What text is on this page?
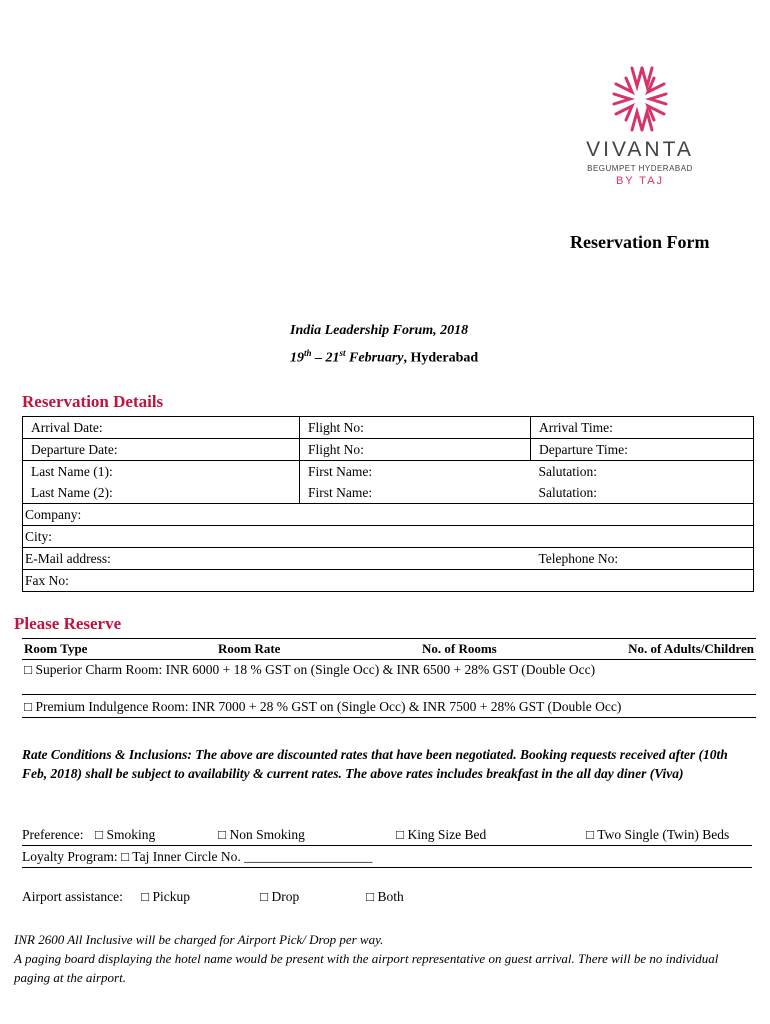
VIVANTA
BEGUMPET HYDERABAD
BY TAJ
Reservation Form
India Leadership Forum, 2018
19th – 21st February, Hyderabad
Reservation Details
Arrival Date:	Flight No:	Arrival Time:
Departure Date:	Flight No:	Departure Time:
Last Name (1):	First Name:	Salutation:
Last Name (2):	First Name:	Salutation:
Company:		
City:		
E-Mail address:		Telephone No:
Fax No:		
Please Reserve
Room Type	Room Rate	No. of Rooms	No. of Adults/Children
□ Superior Charm Room: INR 6000 + 18 % GST on (Single Occ) & INR 6500 + 28% GST (Double Occ)
□ Premium Indulgence Room: INR 7000 + 28 % GST on (Single Occ) & INR 7500 + 28% GST (Double Occ)
Rate Conditions & Inclusions: The above are discounted rates that have been negotiated. Booking requests received after (10th Feb, 2018) shall be subject to availability & current rates. The above rates includes breakfast in the all day diner (Viva)
Preference: □ Smoking	□ Non Smoking	□ King Size Bed	□ Two Single (Twin) Beds
Loyalty Program: □ Taj Inner Circle No. ___________________
Airport assistance: □ Pickup	□ Drop	□ Both
INR 2600 All Inclusive will be charged for Airport Pick/ Drop per way.
A paging board displaying the hotel name would be present with the airport representative on guest arrival. There will be no individual paging at the airport.
